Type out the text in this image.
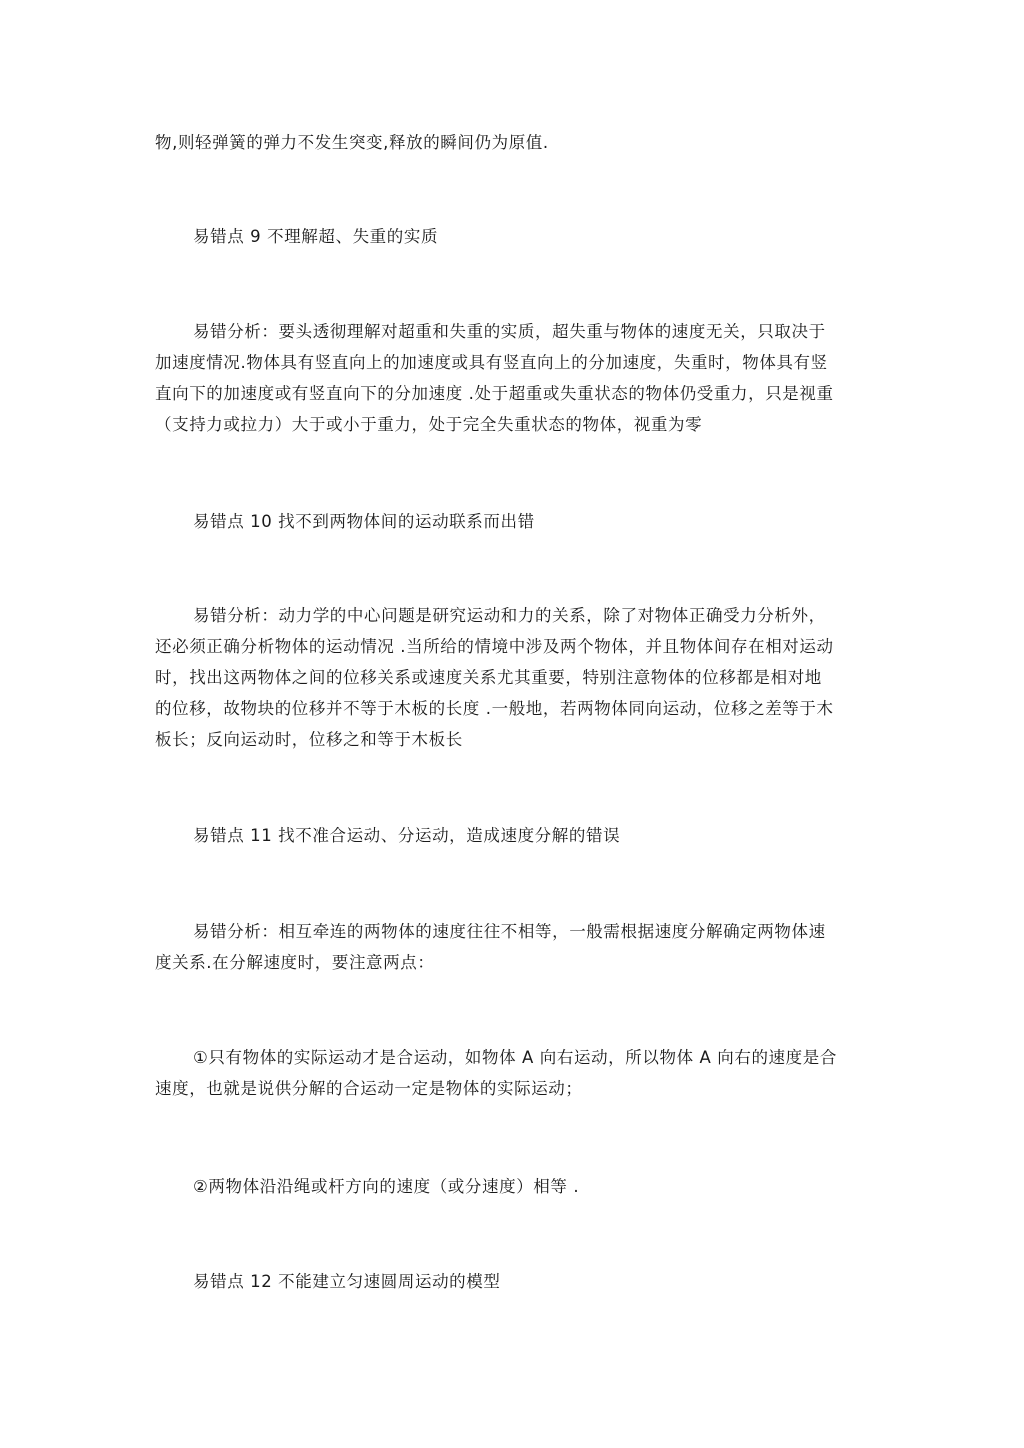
物,则轻弹簧的弹力不发生突变,释放的瞬间仍为原值.

易错点 9 不理解超、失重的实质

易错分析：要头透彻理解对超重和失重的实质，超失重与物体的速度无关，只取决于
加速度情况.物体具有竖直向上的加速度或具有竖直向上的分加速度，失重时，物体具有竖
直向下的加速度或有竖直向下的分加速度 .处于超重或失重状态的物体仍受重力，只是视重
（支持力或拉力）大于或小于重力，处于完全失重状态的物体，视重为零

易错点 10 找不到两物体间的运动联系而出错

易错分析：动力学的中心问题是研究运动和力的关系，除了对物体正确受力分析外，
还必须正确分析物体的运动情况 .当所给的情境中涉及两个物体，并且物体间存在相对运动
时，找出这两物体之间的位移关系或速度关系尤其重要，特别注意物体的位移都是相对地
的位移，故物块的位移并不等于木板的长度 .一般地，若两物体同向运动，位移之差等于木
板长；反向运动时，位移之和等于木板长

易错点 11 找不准合运动、分运动，造成速度分解的错误

易错分析：相互牵连的两物体的速度往往不相等，一般需根据速度分解确定两物体速
度关系.在分解速度时，要注意两点：

①只有物体的实际运动才是合运动，如物体 A 向右运动，所以物体 A 向右的速度是合
速度，也就是说供分解的合运动一定是物体的实际运动；

②两物体沿沿绳或杆方向的速度（或分速度）相等 .

易错点 12 不能建立匀速圆周运动的模型
